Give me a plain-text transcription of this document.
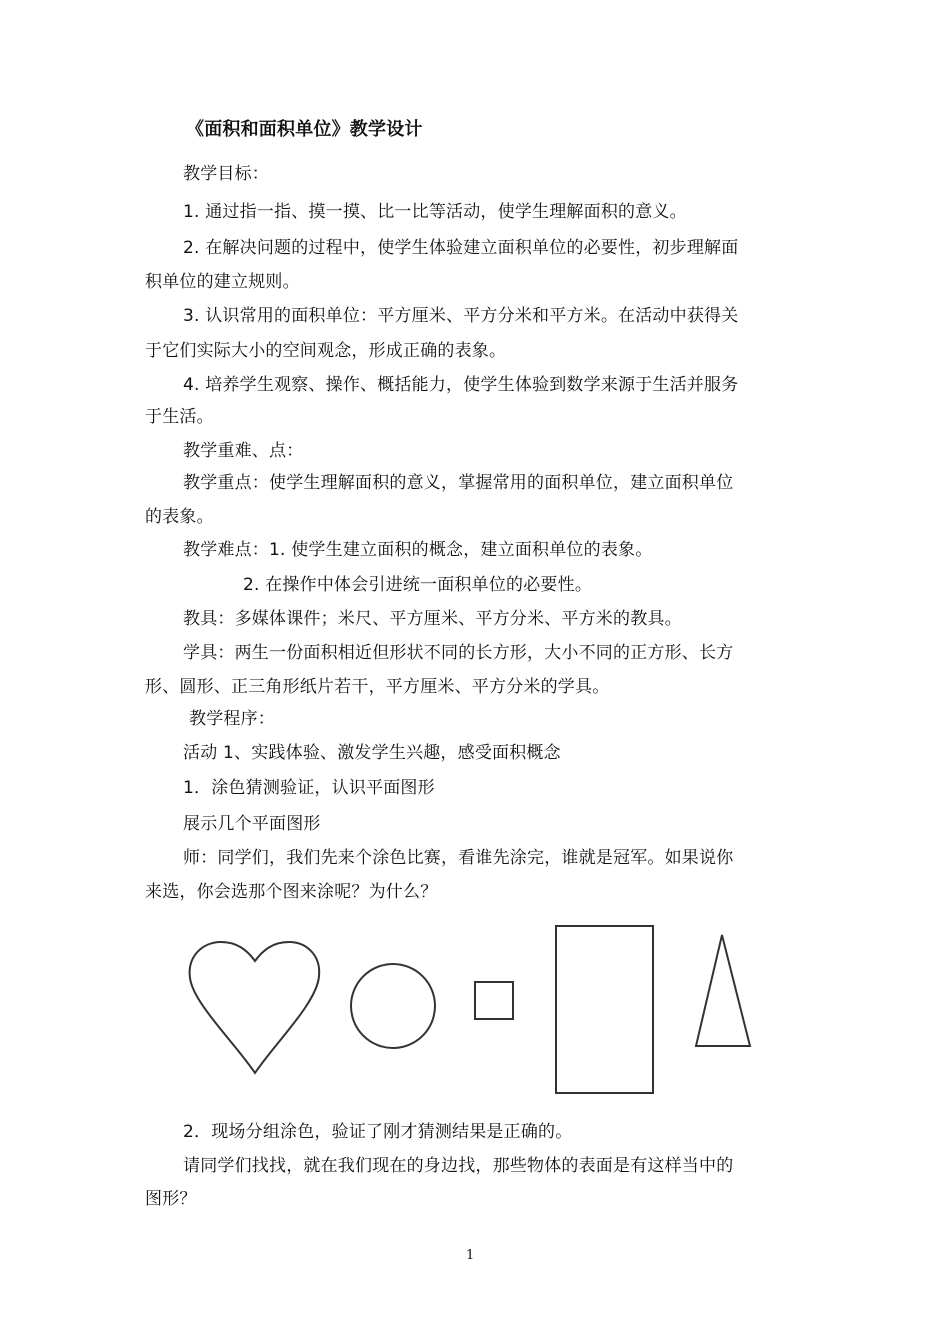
《面积和面积单位》教学设计
教学目标：
1. 通过指一指、摸一摸、比一比等活动，使学生理解面积的意义。
2. 在解决问题的过程中，使学生体验建立面积单位的必要性，初步理解面
积单位的建立规则。
3. 认识常用的面积单位：平方厘米、平方分米和平方米。在活动中获得关
于它们实际大小的空间观念，形成正确的表象。
4. 培养学生观察、操作、概括能力，使学生体验到数学来源于生活并服务
于生活。
教学重难、点：
教学重点：使学生理解面积的意义，掌握常用的面积单位，建立面积单位
的表象。
教学难点：1. 使学生建立面积的概念，建立面积单位的表象。
2. 在操作中体会引进统一面积单位的必要性。
教具：多媒体课件；米尺、平方厘米、平方分米、平方米的教具。
学具：两生一份面积相近但形状不同的长方形，大小不同的正方形、长方
形、圆形、正三角形纸片若干，平方厘米、平方分米的学具。
教学程序：
活动 1、实践体验、激发学生兴趣，感受面积概念
1．涂色猜测验证，认识平面图形
展示几个平面图形
师：同学们，我们先来个涂色比赛，看谁先涂完，谁就是冠军。如果说你
来选，你会选那个图来涂呢？为什么？
2．现场分组涂色，验证了刚才猜测结果是正确的。
请同学们找找，就在我们现在的身边找，那些物体的表面是有这样当中的
图形？
1
